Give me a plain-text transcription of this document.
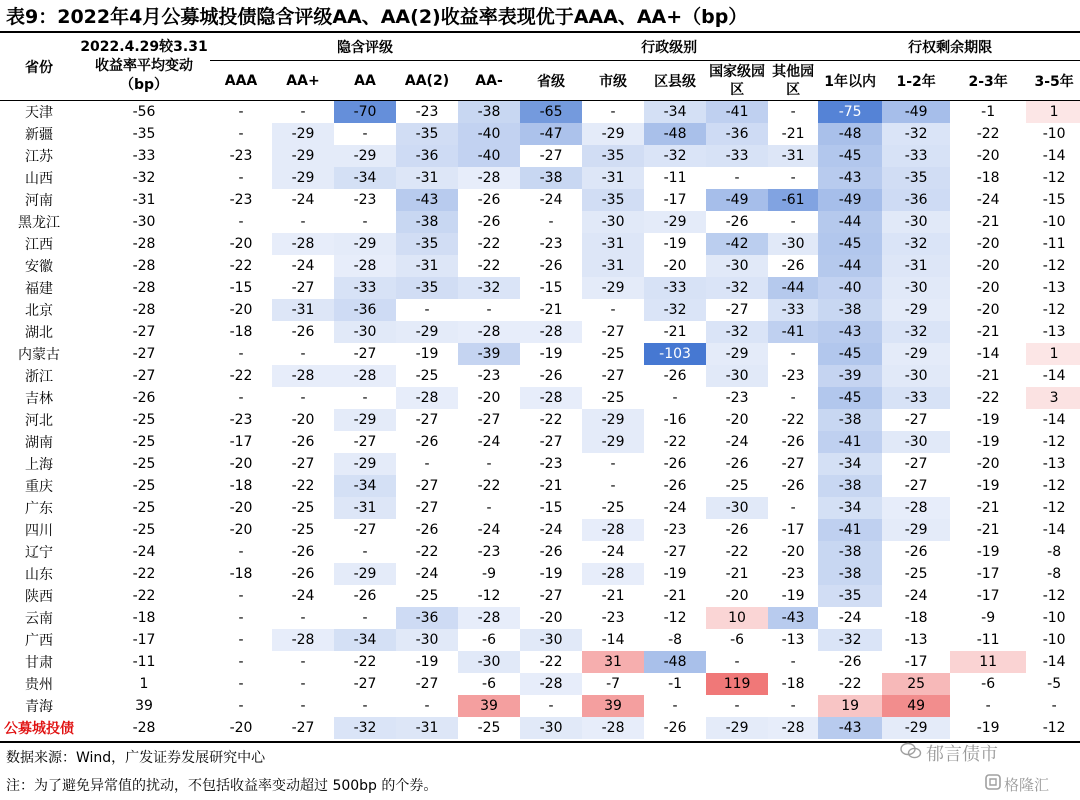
表9：2022年4月公募城投债隐含评级AA、AA(2)收益率表现优于AAA、AA+（bp）
省份	2022.4.29较3.31收益率平均变动（bp）	隐含评级					行政级别					行权剩余期限			
		AAA	AA+	AA	AA(2)	AA-	省级	市级	区县级	国家级园区	其他园区	1年以内	1-2年	2-3年	3-5年
天津	-56	-	-	-70	-23	-38	-65	-	-34	-41	-	-75	-49	-1	1
新疆	-35	-	-29	-	-35	-40	-47	-29	-48	-36	-21	-48	-32	-22	-10
江苏	-33	-23	-29	-29	-36	-40	-27	-35	-32	-33	-31	-45	-33	-20	-14
山西	-32	-	-29	-34	-31	-28	-38	-31	-11	-	-	-43	-35	-18	-12
河南	-31	-23	-24	-23	-43	-26	-24	-35	-17	-49	-61	-49	-36	-24	-15
黑龙江	-30	-	-	-	-38	-26	-	-30	-29	-26	-	-44	-30	-21	-10
江西	-28	-20	-28	-29	-35	-22	-23	-31	-19	-42	-30	-45	-32	-20	-11
安徽	-28	-22	-24	-28	-31	-22	-26	-31	-20	-30	-26	-44	-31	-20	-12
福建	-28	-15	-27	-33	-35	-32	-15	-29	-33	-32	-44	-40	-30	-20	-13
北京	-28	-20	-31	-36	-	-	-21	-	-32	-27	-33	-38	-29	-20	-12
湖北	-27	-18	-26	-30	-29	-28	-28	-27	-21	-32	-41	-43	-32	-21	-13
内蒙古	-27	-	-	-27	-19	-39	-19	-25	-103	-29	-	-45	-29	-14	1
浙江	-27	-22	-28	-28	-25	-23	-26	-27	-26	-30	-23	-39	-30	-21	-14
吉林	-26	-	-	-	-28	-20	-28	-25	-	-23	-	-45	-33	-22	3
河北	-25	-23	-20	-29	-27	-27	-22	-29	-16	-20	-22	-38	-27	-19	-14
湖南	-25	-17	-26	-27	-26	-24	-27	-29	-22	-24	-26	-41	-30	-19	-12
上海	-25	-20	-27	-29	-	-	-23	-	-26	-26	-27	-34	-27	-20	-13
重庆	-25	-18	-22	-34	-27	-22	-21	-	-26	-25	-26	-38	-27	-19	-12
广东	-25	-20	-25	-31	-27	-	-15	-25	-24	-30	-	-34	-28	-21	-12
四川	-25	-20	-25	-27	-26	-24	-24	-28	-23	-26	-17	-41	-29	-21	-14
辽宁	-24	-	-26	-	-22	-23	-26	-24	-27	-22	-20	-38	-26	-19	-8
山东	-22	-18	-26	-29	-24	-9	-19	-28	-19	-21	-23	-38	-25	-17	-8
陕西	-22	-	-24	-26	-25	-12	-27	-21	-21	-20	-19	-35	-24	-17	-12
云南	-18	-	-	-	-36	-28	-20	-23	-12	10	-43	-24	-18	-9	-10
广西	-17	-	-28	-34	-30	-6	-30	-14	-8	-6	-13	-32	-13	-11	-10
甘肃	-11	-	-	-22	-19	-30	-22	31	-48	-	-	-26	-17	11	-14
贵州	1	-	-	-27	-27	-6	-28	-7	-1	119	-18	-22	25	-6	-5
青海	39	-	-	-	-	39	-	39	-	-	-	19	49	-	-
公募城投债	-28	-20	-27	-32	-31	-25	-30	-28	-26	-29	-28	-43	-29	-19	-12
数据来源：Wind，广发证券发展研究中心
注：为了避免异常值的扰动，不包括收益率变动超过 500bp 的个券。
郁言债市
格隆汇
